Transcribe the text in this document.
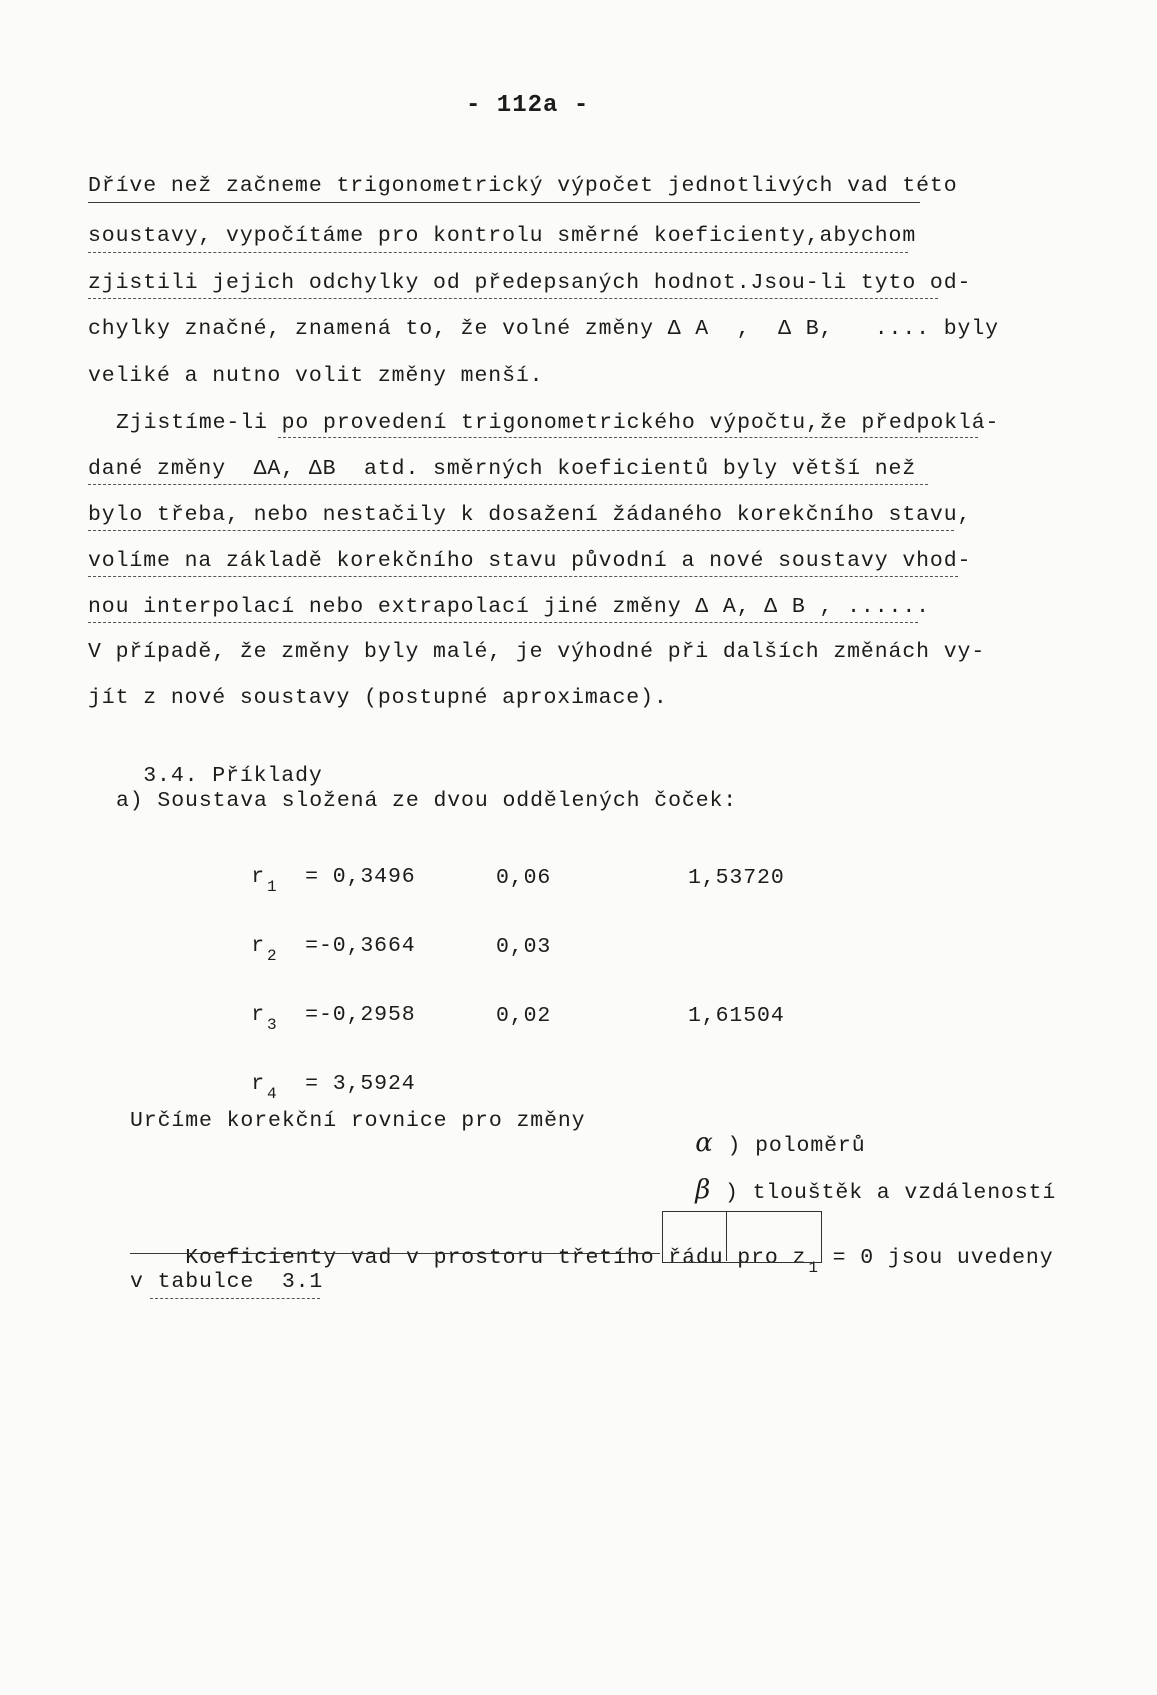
- 112a -
Dříve než začneme trigonometrický výpočet jednotlivých vad této
soustavy, vypočítáme pro kontrolu směrné koeficienty,abychom
zjistili jejich odchylky od předepsaných hodnot.Jsou-li tyto od-
chylky značné, znamená to, že volné změny Δ A  ,  Δ B,   .... byly
veliké a nutno volit změny menší.
Zjistíme-li po provedení trigonometrického výpočtu,že předpoklá-
dané změny  ΔA, ΔB  atd. směrných koeficientů byly větší než
bylo třeba, nebo nestačily k dosažení žádaného korekčního stavu,
volíme na základě korekčního stavu původní a nové soustavy vhod-
nou interpolací nebo extrapolací jiné změny Δ A, Δ B , ......
V případě, že změny byly malé, je výhodné při dalších změnách vy-
jít z nové soustavy (postupné aproximace).

3.4. Příklady

a) Soustava složená ze dvou oddělených čoček:

r $_1$ = 0,3496

r $_2$ =-0,3664

r $_3$ =-0,2958

r $_4$ = 3,5924

0,06
0,03
0,02
1,53720
1,61504
Určíme korekční rovnice pro změny

α ) poloměrů

β ) tlouštěk a vzdáleností

Koeficienty vad v prostoru třetího řádu pro z $_1$ = 0 jsou uvedeny

v tabulce  3.1
